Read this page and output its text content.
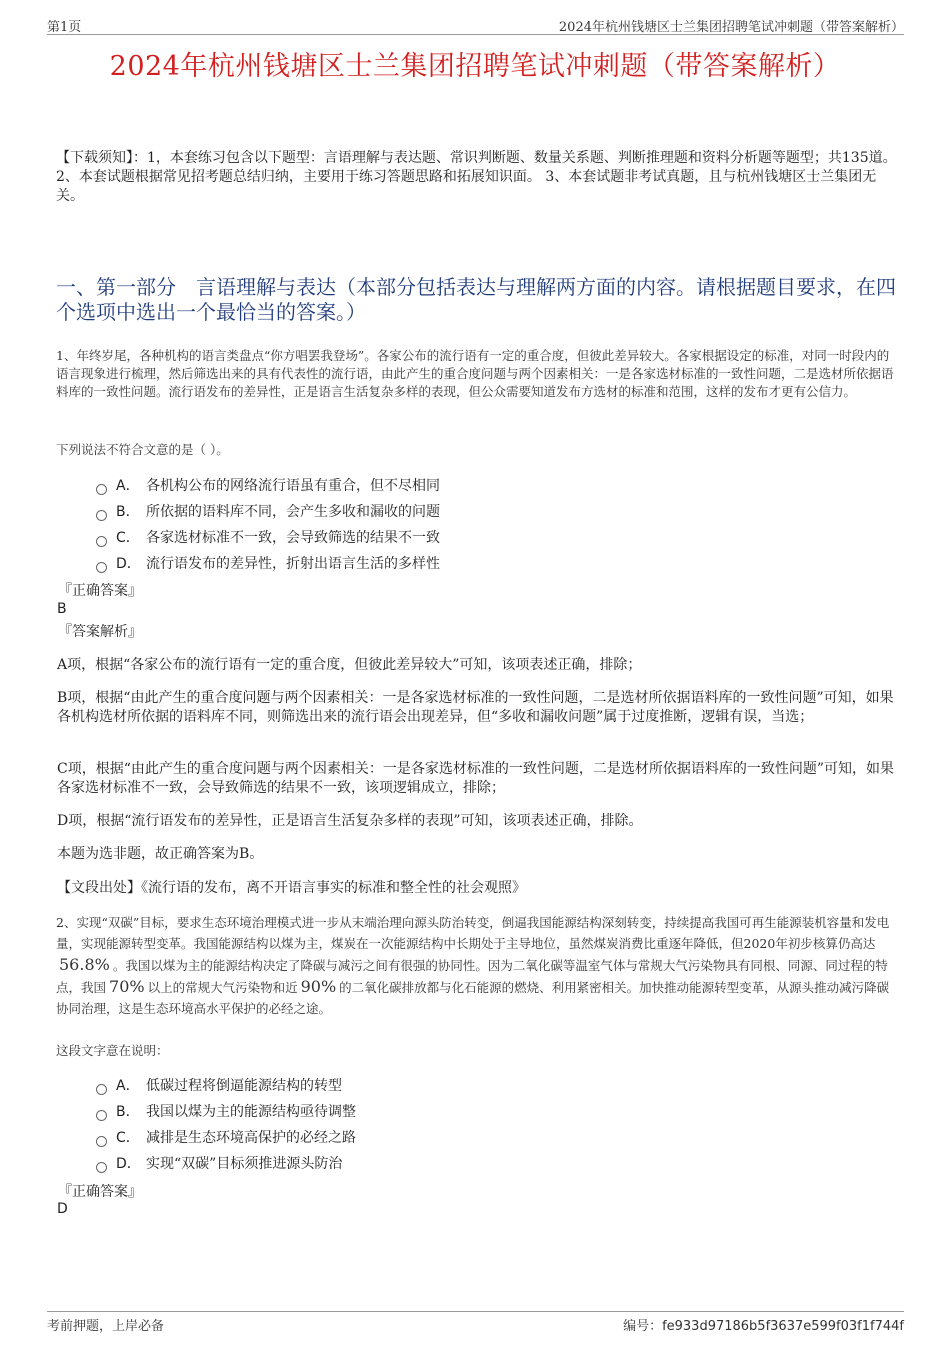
第1页	2024年杭州钱塘区士兰集团招聘笔试冲刺题（带答案解析）
2024年杭州钱塘区士兰集团招聘笔试冲刺题（带答案解析）
【下载须知】：1，本套练习包含以下题型：言语理解与表达题、常识判断题、数量关系题、判断推理题和资料分析题等题型；共135道。 2、本套试题根据常见招考题总结归纳，主要用于练习答题思路和拓展知识面。 3、本套试题非考试真题，且与杭州钱塘区士兰集团无关。
一、第一部分　言语理解与表达（本部分包括表达与理解两方面的内容。请根据题目要求，在四个选项中选出一个最恰当的答案。）
1、年终岁尾，各种机构的语言类盘点“你方唱罢我登场”。各家公布的流行语有一定的重合度，但彼此差异较大。各家根据设定的标准，对同一时段内的语言现象进行梳理，然后筛选出来的具有代表性的流行语，由此产生的重合度问题与两个因素相关：一是各家选材标准的一致性问题，二是选材所依据语料库的一致性问题。流行语发布的差异性，正是语言生活复杂多样的表现，但公众需要知道发布方选材的标准和范围，这样的发布才更有公信力。
下列说法不符合文意的是（ ）。
A． 各机构公布的网络流行语虽有重合，但不尽相同
B． 所依据的语料库不同，会产生多收和漏收的问题
C． 各家选材标准不一致，会导致筛选的结果不一致
D． 流行语发布的差异性，折射出语言生活的多样性
『正确答案』
B
『答案解析』
A项，根据“各家公布的流行语有一定的重合度，但彼此差异较大”可知，该项表述正确，排除；
B项，根据“由此产生的重合度问题与两个因素相关：一是各家选材标准的一致性问题，二是选材所依据语料库的一致性问题”可知，如果各机构选材所依据的语料库不同，则筛选出来的流行语会出现差异，但“多收和漏收问题”属于过度推断，逻辑有误，当选；
C项，根据“由此产生的重合度问题与两个因素相关：一是各家选材标准的一致性问题，二是选材所依据语料库的一致性问题”可知，如果各家选材标准不一致，会导致筛选的结果不一致，该项逻辑成立，排除；
D项，根据“流行语发布的差异性，正是语言生活复杂多样的表现”可知，该项表述正确，排除。
本题为选非题，故正确答案为B。
【文段出处】《流行语的发布，离不开语言事实的标准和整全性的社会观照》
2、实现“双碳”目标，要求生态环境治理模式进一步从末端治理向源头防治转变，倒逼我国能源结构深刻转变，持续提高我国可再生能源装机容量和发电量，实现能源转型变革。我国能源结构以煤为主，煤炭在一次能源结构中长期处于主导地位，虽然煤炭消费比重逐年降低，但2020年初步核算仍高达56.8% 。我国以煤为主的能源结构决定了降碳与减污之间有很强的协同性。因为二氧化碳等温室气体与常规大气污染物具有同根、同源、同过程的特点，我国 70% 以上的常规大气污染物和近 90% 的二氧化碳排放都与化石能源的燃烧、利用紧密相关。加快推动能源转型变革，从源头推动减污降碳协同治理，这是生态环境高水平保护的必经之途。
这段文字意在说明：
A． 低碳过程将倒逼能源结构的转型
B． 我国以煤为主的能源结构亟待调整
C． 减排是生态环境高保护的必经之路
D． 实现“双碳”目标须推进源头防治
『正确答案』
D
考前押题，上岸必备	编号：fe933d97186b5f3637e599f03f1f744f
